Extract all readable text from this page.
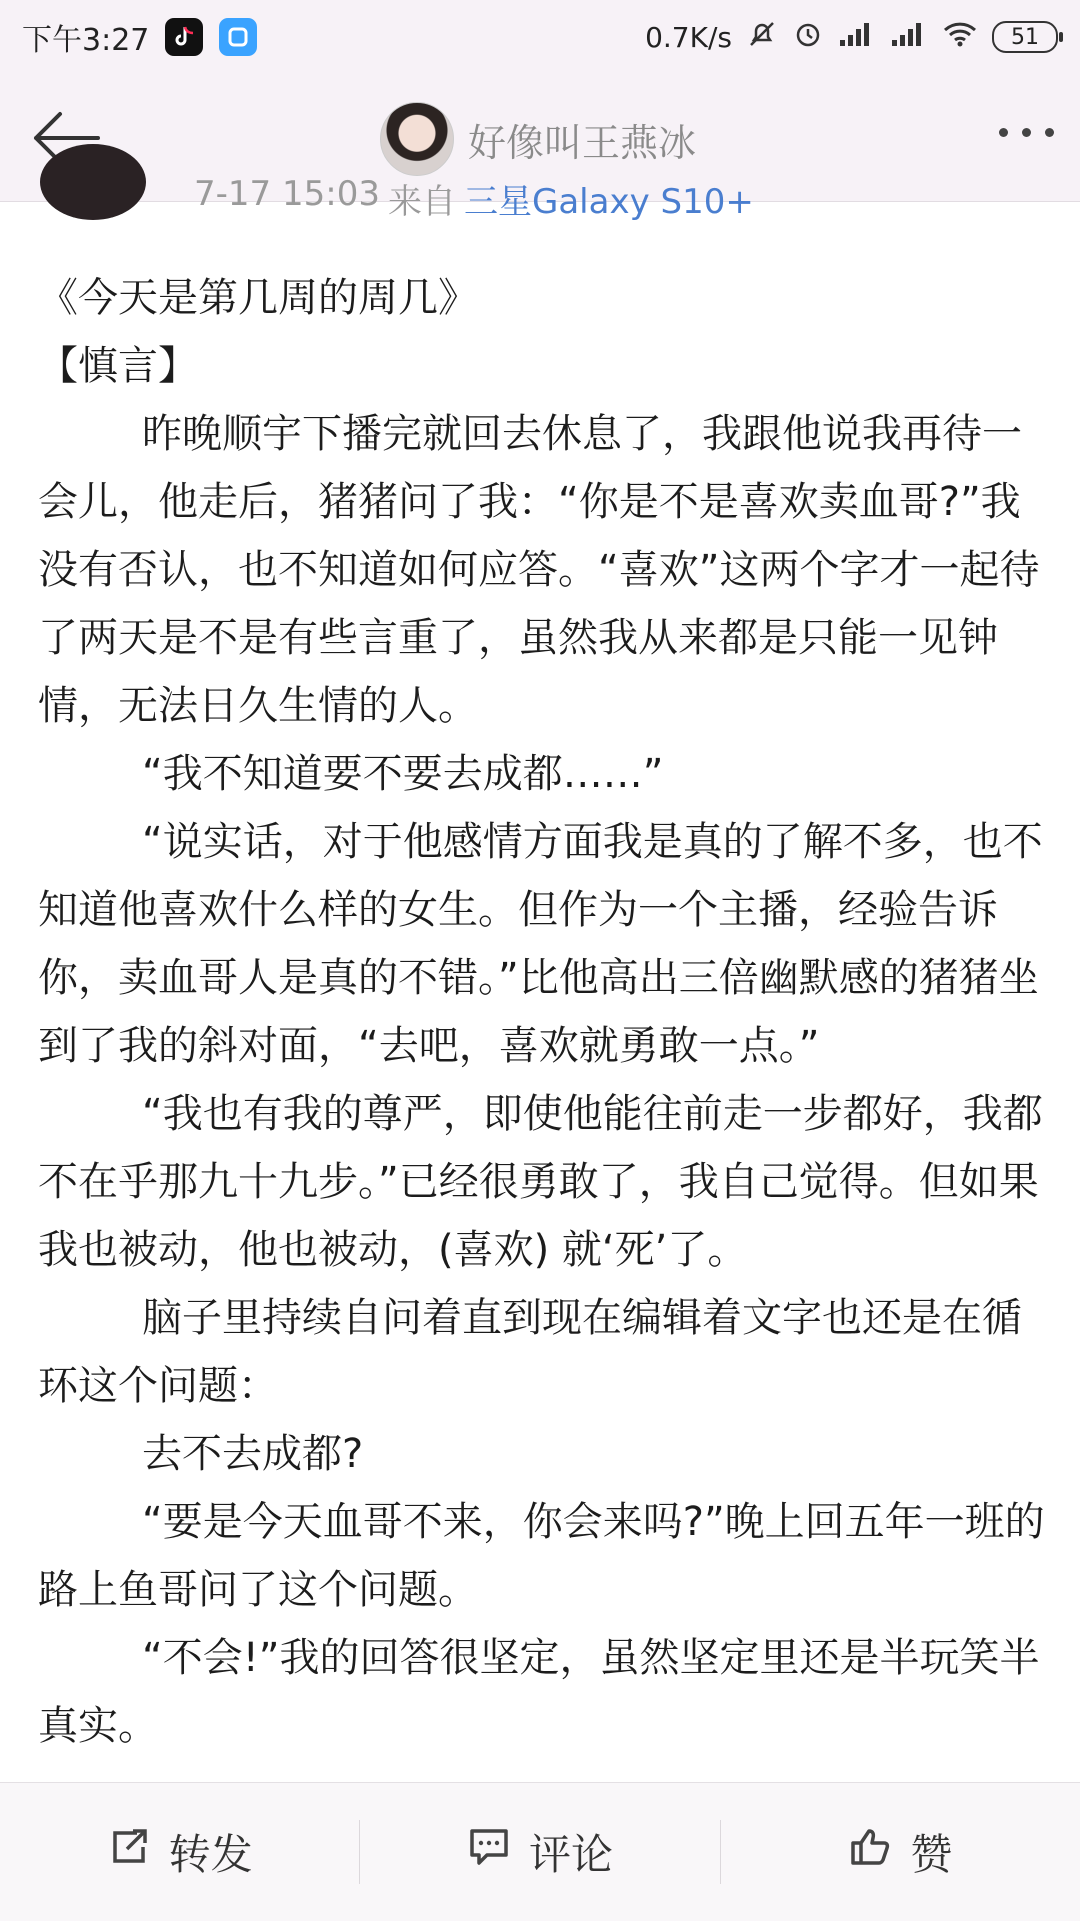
下午3:27	0.7K/s	51
好像叫王燕冰
7-17 15:03 来自 三星Galaxy S10+

《今天是第几周的周几》

【慎言】

昨晚顺宇下播完就回去休息了，我跟他说我再待一会儿，他走后，猪猪问了我：“你是不是喜欢卖血哥?”我没有否认，也不知道如何应答。“喜欢”这两个字才一起待了两天是不是有些言重了，虽然我从来都是只能一见钟情，无法日久生情的人。

“我不知道要不要去成都……”

“说实话，对于他感情方面我是真的了解不多，也不知道他喜欢什么样的女生。但作为一个主播，经验告诉你，卖血哥人是真的不错。”比他高出三倍幽默感的猪猪坐到了我的斜对面，“去吧，喜欢就勇敢一点。”

“我也有我的尊严，即使他能往前走一步都好，我都不在乎那九十九步。”已经很勇敢了，我自己觉得。但如果我也被动，他也被动，(喜欢) 就‘死’了。

脑子里持续自问着直到现在编辑着文字也还是在循环这个问题：

去不去成都?

“要是今天血哥不来，你会来吗?”晚上回五年一班的路上鱼哥问了这个问题。

“不会!”我的回答很坚定，虽然坚定里还是半玩笑半真实。

转发	评论	赞
